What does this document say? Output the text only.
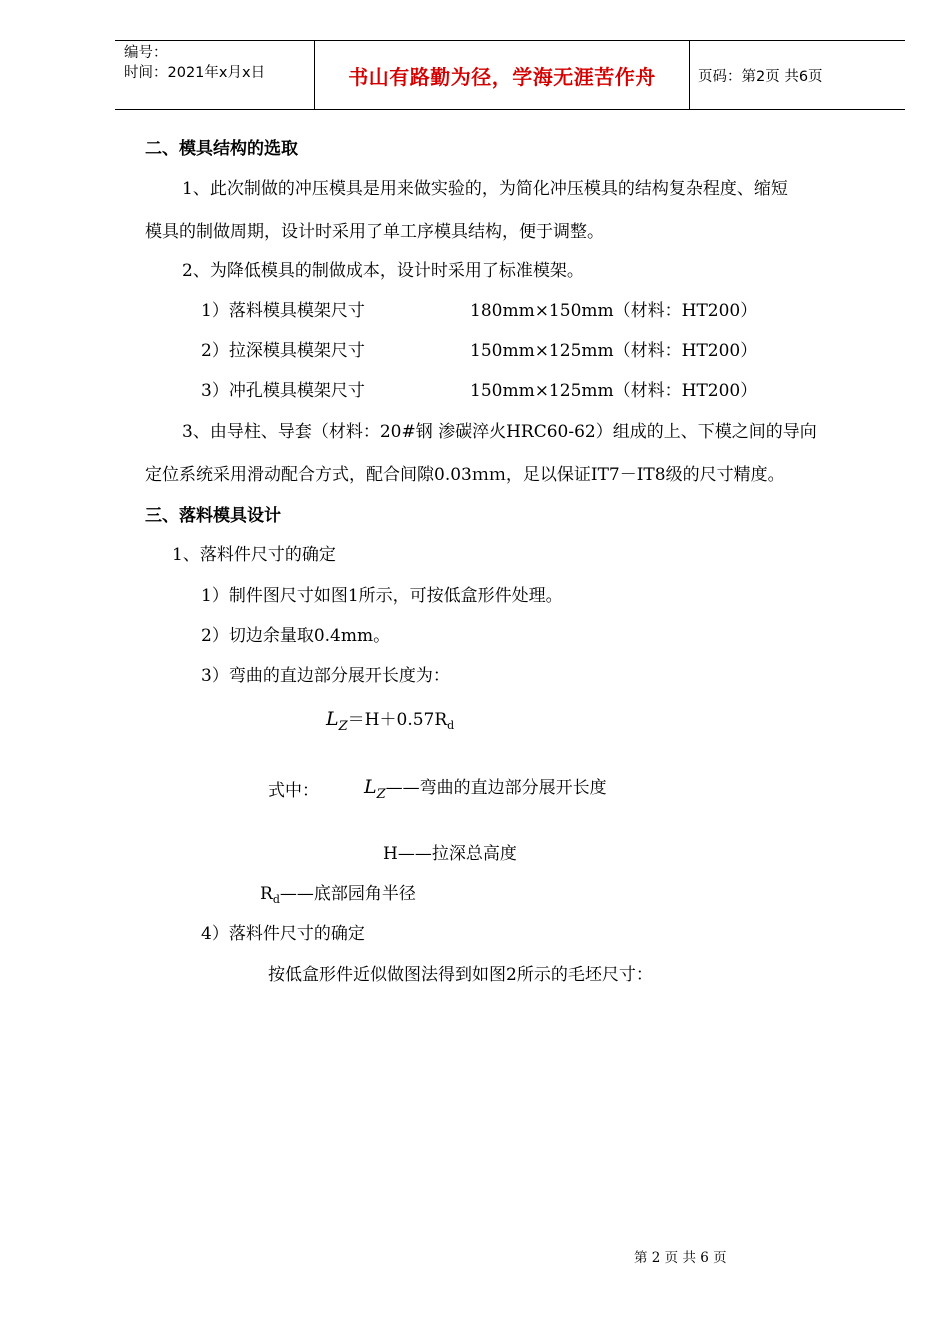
编号：
时间：2021年x月x日	书山有路勤为径，学海无涯苦作舟	页码：第2页 共6页
二、模具结构的选取
1、此次制做的冲压模具是用来做实验的，为简化冲压模具的结构复杂程度、缩短
模具的制做周期，设计时采用了单工序模具结构，便于调整。
2、为降低模具的制做成本，设计时采用了标准模架。
1）落料模具模架尺寸	180mm×150mm（材料：HT200）
2）拉深模具模架尺寸	150mm×125mm（材料：HT200）
3）冲孔模具模架尺寸	150mm×125mm（材料：HT200）
3、由导柱、导套（材料：20#钢 渗碳淬火HRC60-62）组成的上、下模之间的导向
定位系统采用滑动配合方式，配合间隙0.03ｍｍ，足以保证IT7－IT8级的尺寸精度。
三、落料模具设计
1、落料件尺寸的确定
1）制件图尺寸如图1所示，可按低盒形件处理。
2）切边余量取0.4mm。
3）弯曲的直边部分展开长度为：
$L_Z=H+0.57R_d$
式中： $L_Z——$弯曲的直边部分展开长度
H——拉深总高度
$R_d——$底部园角半径
4）落料件尺寸的确定
按低盒形件近似做图法得到如图2所示的毛坯尺寸：
第 2 页 共 6 页
